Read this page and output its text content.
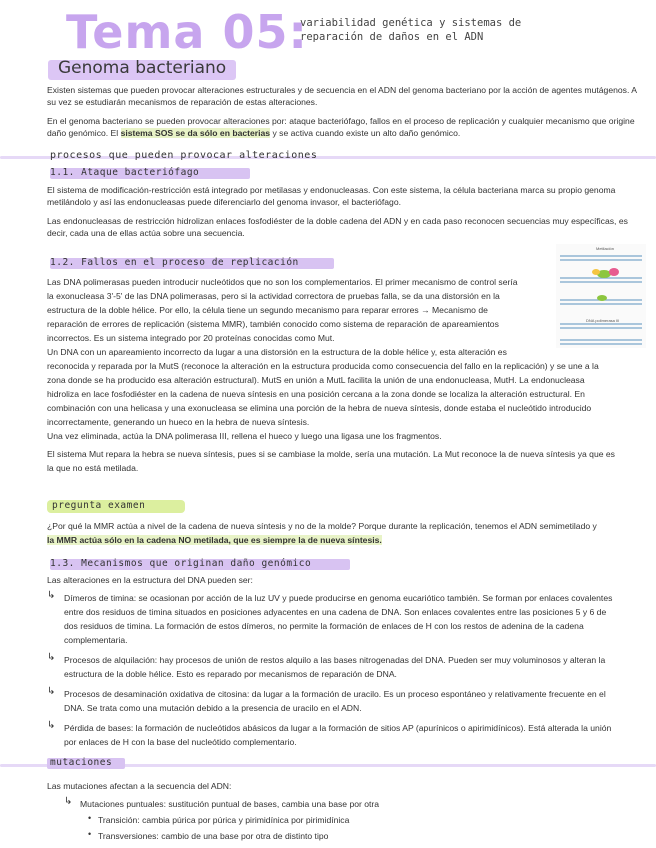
Tema 05:
variabilidad genética y sistemas de
reparación de daños en el ADN
Genoma bacteriano
Existen sistemas que pueden provocar alteraciones estructurales y de secuencia en el ADN del genoma bacteriano por la acción de agentes mutágenos. A su vez se estudiarán mecanismos de reparación de estas alteraciones.
En el genoma bacteriano se pueden provocar alteraciones por: ataque bacteriófago, fallos en el proceso de replicación y cualquier mecanismo que origine daño genómico. El sistema SOS se da sólo en bacterias y se activa cuando existe un alto daño genómico.
procesos que pueden provocar alteraciones
1.1. Ataque bacteriófago
El sistema de modificación-restricción está integrado por metilasas y endonucleasas. Con este sistema, la célula bacteriana marca su propio genoma metilándolo y así las endonucleasas puede diferenciarlo del genoma invasor, el bacteriófago.
Las endonucleasas de restricción hidrolizan enlaces fosfodiéster de la doble cadena del ADN y en cada paso reconocen secuencias muy específicas, es decir, cada una de ellas actúa sobre una secuencia.
1.2. Fallos en el proceso de replicación
Las DNA polimerasas pueden introducir nucleótidos que no son los complementarios. El primer mecanismo de control sería
la exonucleasa 3'-5' de las DNA polimerasas, pero si la actividad correctora de pruebas falla, se da una distorsión en la
estructura de la doble hélice. Por ello, la célula tiene un segundo mecanismo para reparar errores → Mecanismo de
reparación de errores de replicación (sistema MMR), también conocido como sistema de reparación de apareamientos
incorrectos. Es un sistema integrado por 20 proteínas conocidas como Mut.
Un DNA con un apareamiento incorrecto da lugar a una distorsión en la estructura de la doble hélice y, esta alteración es
reconocida y reparada por la MutS (reconoce la alteración en la estructura producida como consecuencia del fallo en la replicación) y se une a la
zona donde se ha producido esa alteración estructural). MutS en unión a MutL facilita la unión de una endonucleasa, MutH. La endonucleasa
hidroliza en lace fosfodiéster en la cadena de nueva síntesis en una posición cercana a la zona donde se localiza la alteración estructural. En
combinación con una helicasa y una exonucleasa se elimina una porción de la hebra de nueva síntesis, donde estaba el nucleótido introducido
incorrectamente, generando un hueco en la hebra de nueva síntesis.
Una vez eliminada, actúa la DNA polimerasa III, rellena el hueco y luego una ligasa une los fragmentos.
El sistema Mut repara la hebra se nueva síntesis, pues si se cambiase la molde, sería una mutación. La Mut reconoce la de nueva síntesis ya que es
la que no está metilada.
Metilación
DNA polimerasa III
pregunta examen
¿Por qué la MMR actúa a nivel de la cadena de nueva síntesis y no de la molde? Porque durante la replicación, tenemos el ADN semimetilado y
la MMR actúa sólo en la cadena NO metilada, que es siempre la de nueva síntesis.
1.3. Mecanismos que originan daño genómico
Las alteraciones en la estructura del DNA pueden ser:
↳ Dímeros de timina: se ocasionan por acción de la luz UV y puede producirse en genoma eucariótico también. Se forman por enlaces covalentes
entre dos residuos de timina situados en posiciones adyacentes en una cadena de DNA. Son enlaces covalentes entre las posiciones 5 y 6 de
dos residuos de timina. La formación de estos dímeros, no permite la formación de enlaces de H con los restos de adenina de la cadena
complementaria.
↳ Procesos de alquilación: hay procesos de unión de restos alquilo a las bases nitrogenadas del DNA. Pueden ser muy voluminosos y alteran la
estructura de la doble hélice. Esto es reparado por mecanismos de reparación de DNA.
↳ Procesos de desaminación oxidativa de citosina: da lugar a la formación de uracilo. Es un proceso espontáneo y relativamente frecuente en el
DNA. Se trata como una mutación debido a la presencia de uracilo en el ADN.
↳ Pérdida de bases: la formación de nucleótidos abásicos da lugar a la formación de sitios AP (apurínicos o apirimidínicos). Está alterada la unión
por enlaces de H con la base del nucleótido complementario.
mutaciones
Las mutaciones afectan a la secuencia del ADN:
↳ Mutaciones puntuales: sustitución puntual de bases, cambia una base por otra
• Transición: cambia púrica por púrica y pirimidínica por pirimidínica
• Transversiones: cambio de una base por otra de distinto tipo
